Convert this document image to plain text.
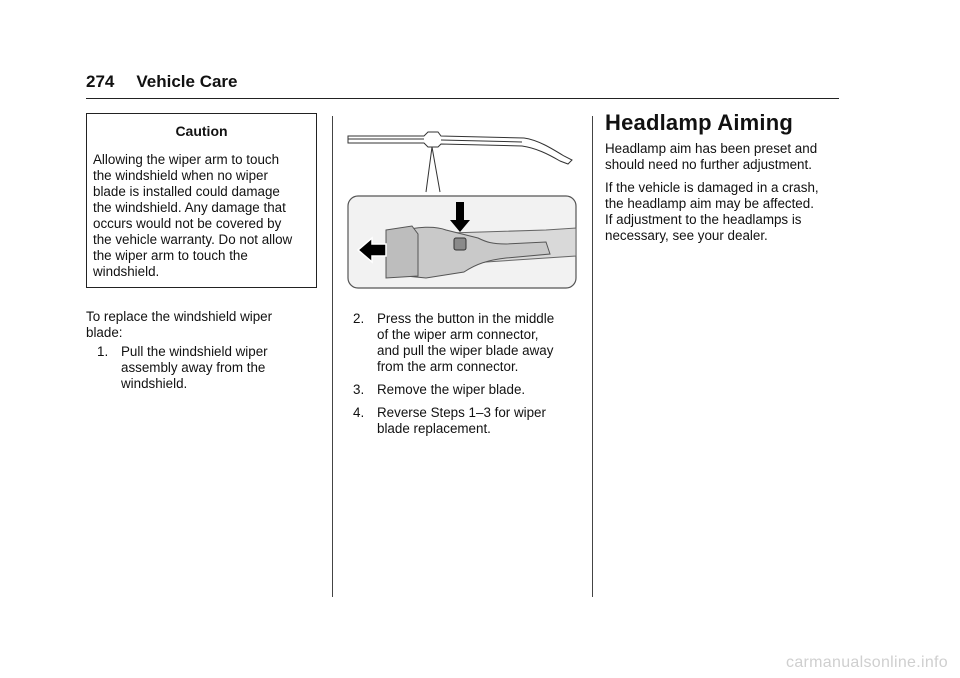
274 Vehicle Care
Caution
Allowing the wiper arm to touch
the windshield when no wiper
blade is installed could damage
the windshield. Any damage that
occurs would not be covered by
the vehicle warranty. Do not allow
the wiper arm to touch the
windshield.

To replace the windshield wiper
blade:

1. Pull the windshield wiper
assembly away from the
windshield.
2. Press the button in the middle
of the wiper arm connector,
and pull the wiper blade away
from the arm connector.
3. Remove the wiper blade.
4. Reverse Steps 1–3 for wiper
blade replacement.
Headlamp Aiming

Headlamp aim has been preset and
should need no further adjustment.

If the vehicle is damaged in a crash,
the headlamp aim may be affected.
If adjustment to the headlamps is
necessary, see your dealer.

carmanualsonline.info
